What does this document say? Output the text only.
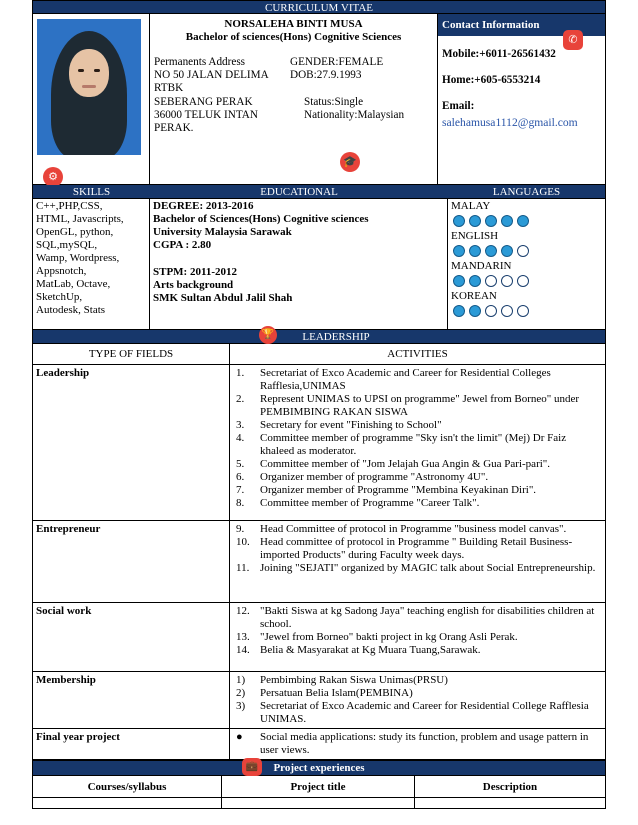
CURRICULUM VITAE
⚙
NORSALEHA BINTI MUSA
Bachelor of sciences(Hons) Cognitive Sciences
Permanents Address	GENDER:FEMALE
NO 50 JALAN DELIMA RTBK
DOB:27.9.1993
SEBERANG PERAK	Status:Single
36000 TELUK INTAN	Nationality:Malaysian
PERAK.
🎓
Contact Information
✆
Mobile:+6011-26561432
Home:+605-6553214
Email:
salehamusa1112@gmail.com
SKILLS	EDUCATIONAL	LANGUAGES
C++,PHP,CSS,
HTML, Javascripts,
OpenGL, python,
SQL,mySQL,
Wamp, Wordpress,
Appsnotch,
MatLab, Octave,
SketchUp,
Autodesk, Stats
DEGREE: 2013-2016
Bachelor of Sciences(Hons) Cognitive sciences
University Malaysia Sarawak
CGPA : 2.80
STPM: 2011-2012
Arts background
SMK Sultan Abdul Jalil Shah
MALAY
ENGLISH
MANDARIN
KOREAN
🏆	LEADERSHIP
TYPE OF FIELDS	ACTIVITIES
Leadership	1.	Secretariat of Exco Academic and Career for Residential Colleges Rafflesia,UNIMAS
2.	Represent UNIMAS to UPSI on programme" Jewel from Borneo" under PEMBIMBING RAKAN SISWA
3.	Secretary for event "Finishing to School"
4.	Committee member of programme "Sky isn't the limit" (Mej) Dr Faiz khaleed as moderator.
5.	Committee member of "Jom Jelajah Gua Angin & Gua Pari-pari".
6.	Organizer member of programme "Astronomy 4U".
7.	Organizer member of Programme "Membina Keyakinan Diri".
8.	Committee member of Programme "Career Talk".
Entrepreneur	9.	Head Committee of protocol in Programme "business model canvas".
10. Head committee of protocol in Programme " Building Retail Business-imported Products" during Faculty week days.
11. Joining "SEJATI" organized by MAGIC talk about Social Entrepreneurship.
Social work	12. "Bakti Siswa at kg Sadong Jaya" teaching english for disabilities children at school.
13. "Jewel from Borneo" bakti project in kg Orang Asli Perak.
14. Belia & Masyarakat at Kg Muara Tuang,Sarawak.
Membership	1)	Pembimbing Rakan Siswa Unimas(PRSU)
2)	Persatuan Belia Islam(PEMBINA)
3)	Secretariat of Exco Academic and Career for Residential College Rafflesia UNIMAS.
Final year project	●	Social media applications: study its function, problem and usage pattern in user views.
💼	Project experiences
Courses/syllabus	Project title	Description
